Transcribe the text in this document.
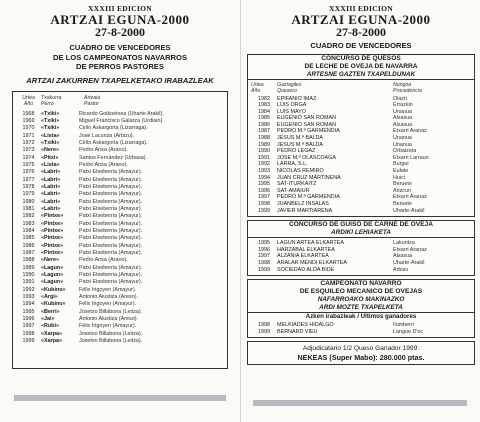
XXXIII EDICION
ARTZAI EGUNA-2000
27-8-2000
CUADRO DE VENCEDORES
DE LOS CAMPEONATOS NAVARROS
DE PERROS PASTORES
ARTZAI ZAKURREN TXAPELKETAKO IRABAZLEAK
Urtea
Año
Txakurra
Perro
Artzaia
Pastor
1968	«Txiki»	Ricardo Goikoetxea (Uharte Arakil).
1969	«Txiki»	Miguel Francisco Galarza (Urdiain).
1970	«Txiki»	Cirilo Askargorta (Lizarraga).
1971	«Lista»	José Lacunza (Arbizu).
1972	«Txiki»	Cirilo Askargorta (Lizarraga).
1973	«Nere»	Pedro Ansa (Arano).
1974	«Pitxi»	Santos Fernández (Urbasa).
1975	«Lista»	Pedro Ansa (Arano).
1976	«Labri»	Patxi Etxeberria (Amayur).
1977	«Labri»	Patxi Etxeberria (Amayur).
1978	«Labri»	Patxi Etxeberria (Amayur).
1979	«Labri»	Patxi Etxeberria (Amayur).
1980	«Labri»	Patxi Etxeberria (Amayur).
1981	«Labri»	Patxi Etxeberria (Amayur).
1982	«Pintxe»	Patxi Etxeberria (Amayur).
1983	«Pintxe»	Patxi Etxeberria (Amayur).
1984	«Pintxe»	Patxi Etxeberria (Amayur).
1985	«Pintxe»	Patxi Etxeberria (Amayur).
1986	«Pintxe»	Patxi Etxeberria (Amayur).
1987	«Pintxe»	Patxi Etxeberria (Amayur).
1988	«Nere»	Pedro Ansa (Arano).
1989	«Lagun»	Patxi Etxeberria (Amayur).
1990	«Lagun»	Patxi Etxeberria (Amayur).
1991	«Lagun»	Patxi Etxeberria (Amayur).
1992	«Kubino»	Félix Irigoyen (Amayur).
1993	«Argi»	Antonio Aiustiza (Areso).
1994	«Kubino»	Félix Irigoyen (Amayur).
1995	«Berri»	Josetxo Billabona (Leitza).
1996	«Jai»	Antonio Alustiza (Areso).
1997	«Rubi»	Félix Irigoyen (Amayur).
1998	«Xarpa»	Josetxo Billabona (Leitza).
1999	«Xarpa»	Josetxo Billabona (Leitza).
XXXIII EDICION
ARTZAI EGUNA-2000
27-8-2000
CUADRO DE VENCEDORES
CONCURSO DE QUESOS
DE LECHE DE OVEJA DE NAVARRA
ARTESNE GAZTEN TXAPELDUNAK
Urtea
Año
Gaztagiles
Quesero
Nungoa
Procedencia
1982	EPIFANIO IMAZ	Olazti
1983	LUIS ORGA	Errazkin
1984	LUIS MAYO	Unanua
1985	EUGENIO SAN ROMAN	Alsasua
1986	EUGENIO SAN ROMAN	Alsasua
1987	PEDRO M.ª GARMENDIA	Etxarri Aranaz
1988	JESUS M.ª BALDA	Unanua
1989	JESUS M.ª BALDA	Unanua
1990	PEDRO LEGAZ	Orbaizeta
1991	JOSE M.ª OLASCOAGA	Etxarri Larraun
1992	LARRA, S.L.	Burgui
1993	NICOLAS REMIRO	Eulate
1994	JUAN CRUZ MARTINENA	Huici
1995	SAT-ITURKAITZ	Beruete
1996	SAT-AMAIUR	Arizcun
1997	PEDRO M.ª GARMENDIA	Etxarri Aranaz
1998	JUANBELZ INSALAS	Beruete
1999	JAVIER MARTIARENA	Uharte-Arakil
CONCURSO DE GUISO DE CARNE DE OVEJA
ARDIKI LEHIAKETA
1995	LAGUN ARTEA ELKARTEA	Lakuntza
1996	HARZABAL ELKARTEA	Etxarri Aranaz
1997	ALZANIA ELKARTEA	Alsasua
1998	ARALAR MENDI ELKARTEA	Uharte-Arakil
1999	SOCIEDAD ALDA BIDE	Arbizu
CAMPEONATO NAVARRO
DE ESQUILEO MECANICO DE OVEJAS
NAFARROAKO MAKINAZKO
ARDI MOZTE TXAPELKETA
Azken irabazleak / Ultimos ganadores
1998	MELKIADES HIDALGO	Ilumberri
1999	BERNARD VIEU	Langue D'oc
Adjudicatario 1/2 Queso Ganador 1999:
NEKEAS (Super Mabo): 280.000 ptas.
